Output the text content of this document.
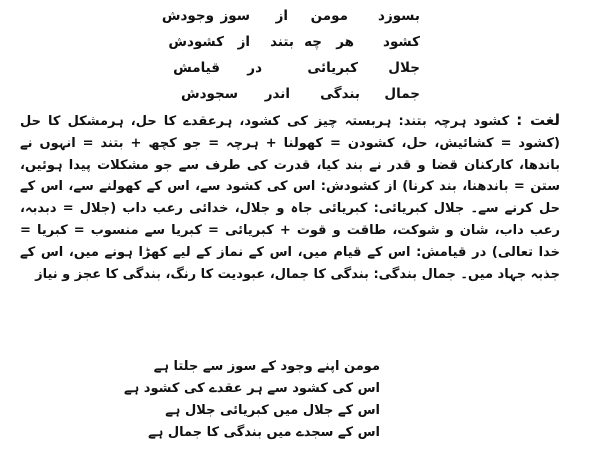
بسوزد
مومن
از
سوز
وجودش
کشود
هر
چه
بتند
از
کشودش
جلال
کبریائی
در
قیامش
جمال
بندگی
اندر
سجودش
لغت : کشود ہرچہ بتند: ہربستہ چیز کی کشود، ہرعقدے کا حل، ہرمشکل کا حل (کشود = کشائیش، حل، کشودن = کھولنا + ہرچہ = جو کچھ + بتند = انہوں نے باندھا، کارکنان قضا و قدر نے بند کیا، قدرت کی طرف سے جو مشکلات پیدا ہوئیں، ستن = باندھنا، بند کرنا) از کشودش: اس کی کشود سے، اس کے کھولنے سے، اس کے حل کرنے سے۔ جلال کبریائی: کبریائی جاہ و جلال، خدائی رعب داب (جلال = دبدبہ، رعب داب، شان و شوکت، طاقت و قوت + کبریائی = کبریا سے منسوب = کبریا = خدا تعالی) در قیامش: اس کے قیام میں، اس کے نماز کے لیے کھڑا ہونے میں، اس کے جذبہ جہاد میں۔ جمال بندگی: بندگی کا جمال، عبودیت کا رنگ، بندگی کا عجز و نیاز
مومن اپنے وجود کے سوز سے جلتا ہے
اس کی کشود سے ہر عقدے کی کشود ہے
اس کے جلال میں کبریائی جلال ہے
اس کے سجدے میں بندگی کا جمال ہے
